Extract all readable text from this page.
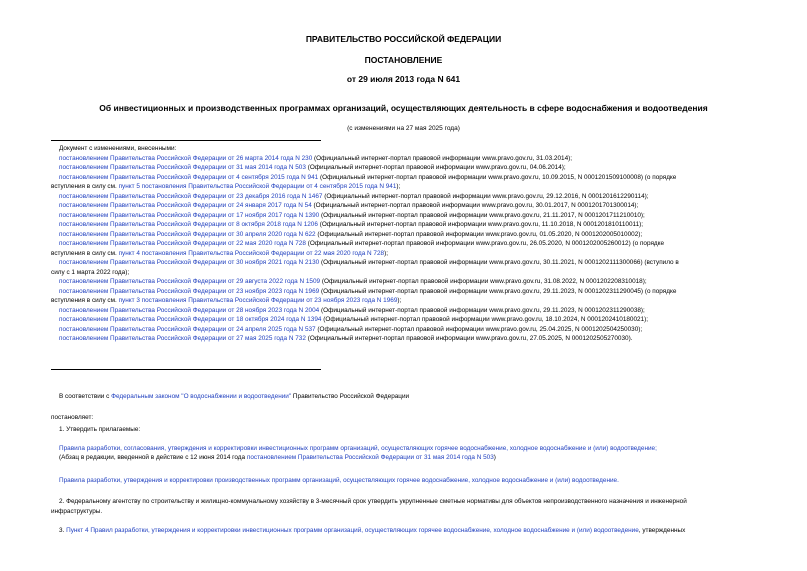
ПРАВИТЕЛЬСТВО РОССИЙСКОЙ ФЕДЕРАЦИИ
ПОСТАНОВЛЕНИЕ
от 29 июля 2013 года N 641
Об инвестиционных и производственных программах организаций, осуществляющих деятельность в сфере водоснабжения и водоотведения
(с изменениями на 27 мая 2025 года)
Документ с изменениями, внесенными:
постановлением Правительства Российской Федерации от 26 марта 2014 года N 230 (Официальный интернет-портал правовой информации www.pravo.gov.ru, 31.03.2014);
постановлением Правительства Российской Федерации от 31 мая 2014 года N 503 (Официальный интернет-портал правовой информации www.pravo.gov.ru, 04.06.2014);
постановлением Правительства Российской Федерации от 4 сентября 2015 года N 941 (Официальный интернет-портал правовой информации www.pravo.gov.ru, 10.09.2015, N 0001201509100008) (о порядке
вступления в силу см. пункт 5 постановления Правительства Российской Федерации от 4 сентября 2015 года N 941);
постановлением Правительства Российской Федерации от 23 декабря 2016 года N 1467 (Официальный интернет-портал правовой информации www.pravo.gov.ru, 29.12.2016, N 0001201612290114);
постановлением Правительства Российской Федерации от 24 января 2017 года N 54 (Официальный интернет-портал правовой информации www.pravo.gov.ru, 30.01.2017, N 0001201701300014);
постановлением Правительства Российской Федерации от 17 ноября 2017 года N 1390 (Официальный интернет-портал правовой информации www.pravo.gov.ru, 21.11.2017, N 0001201711210010);
постановлением Правительства Российской Федерации от 8 октября 2018 года N 1206 (Официальный интернет-портал правовой информации www.pravo.gov.ru, 11.10.2018, N 0001201810110011);
постановлением Правительства Российской Федерации от 30 апреля 2020 года N 622 (Официальный интернет-портал правовой информации www.pravo.gov.ru, 01.05.2020, N 0001202005010002);
постановлением Правительства Российской Федерации от 22 мая 2020 года N 728 (Официальный интернет-портал правовой информации www.pravo.gov.ru, 26.05.2020, N 0001202005260012) (о порядке
вступления в силу см. пункт 4 постановления Правительства Российской Федерации от 22 мая 2020 года N 728);
постановлением Правительства Российской Федерации от 30 ноября 2021 года N 2130 (Официальный интернет-портал правовой информации www.pravo.gov.ru, 30.11.2021, N 0001202111300066) (вступило в
силу с 1 марта 2022 года);
постановлением Правительства Российской Федерации от 29 августа 2022 года N 1509 (Официальный интернет-портал правовой информации www.pravo.gov.ru, 31.08.2022, N 0001202208310018);
постановлением Правительства Российской Федерации от 23 ноября 2023 года N 1969 (Официальный интернет-портал правовой информации www.pravo.gov.ru, 29.11.2023, N 0001202311290045) (о порядке
вступления в силу см. пункт 3 постановления Правительства Российской Федерации от 23 ноября 2023 года N 1969);
постановлением Правительства Российской Федерации от 28 ноября 2023 года N 2004 (Официальный интернет-портал правовой информации www.pravo.gov.ru, 29.11.2023, N 0001202311290038);
постановлением Правительства Российской Федерации от 18 октября 2024 года N 1394 (Официальный интернет-портал правовой информации www.pravo.gov.ru, 18.10.2024, N 0001202410180021);
постановлением Правительства Российской Федерации от 24 апреля 2025 года N 537 (Официальный интернет-портал правовой информации www.pravo.gov.ru, 25.04.2025, N 0001202504250030);
постановлением Правительства Российской Федерации от 27 мая 2025 года N 732 (Официальный интернет-портал правовой информации www.pravo.gov.ru, 27.05.2025, N 0001202505270030).
В соответствии с Федеральным законом "О водоснабжении и водоотведении" Правительство Российской Федерации
постановляет:
1. Утвердить прилагаемые:
Правила разработки, согласования, утверждения и корректировки инвестиционных программ организаций, осуществляющих горячее водоснабжение, холодное водоснабжение и (или) водоотведение;
(Абзац в редакции, введенной в действие с 12 июня 2014 года постановлением Правительства Российской Федерации от 31 мая 2014 года N 503)
Правила разработки, утверждения и корректировки производственных программ организаций, осуществляющих горячее водоснабжение, холодное водоснабжение и (или) водоотведение.
2. Федеральному агентству по строительству и жилищно-коммунальному хозяйству в 3-месячный срок утвердить укрупненные сметные нормативы для объектов непроизводственного назначения и инженерной
инфраструктуры.
3. Пункт 4 Правил разработки, утверждения и корректировки инвестиционных программ организаций, осуществляющих горячее водоснабжение, холодное водоснабжение и (или) водоотведение, утвержденных
